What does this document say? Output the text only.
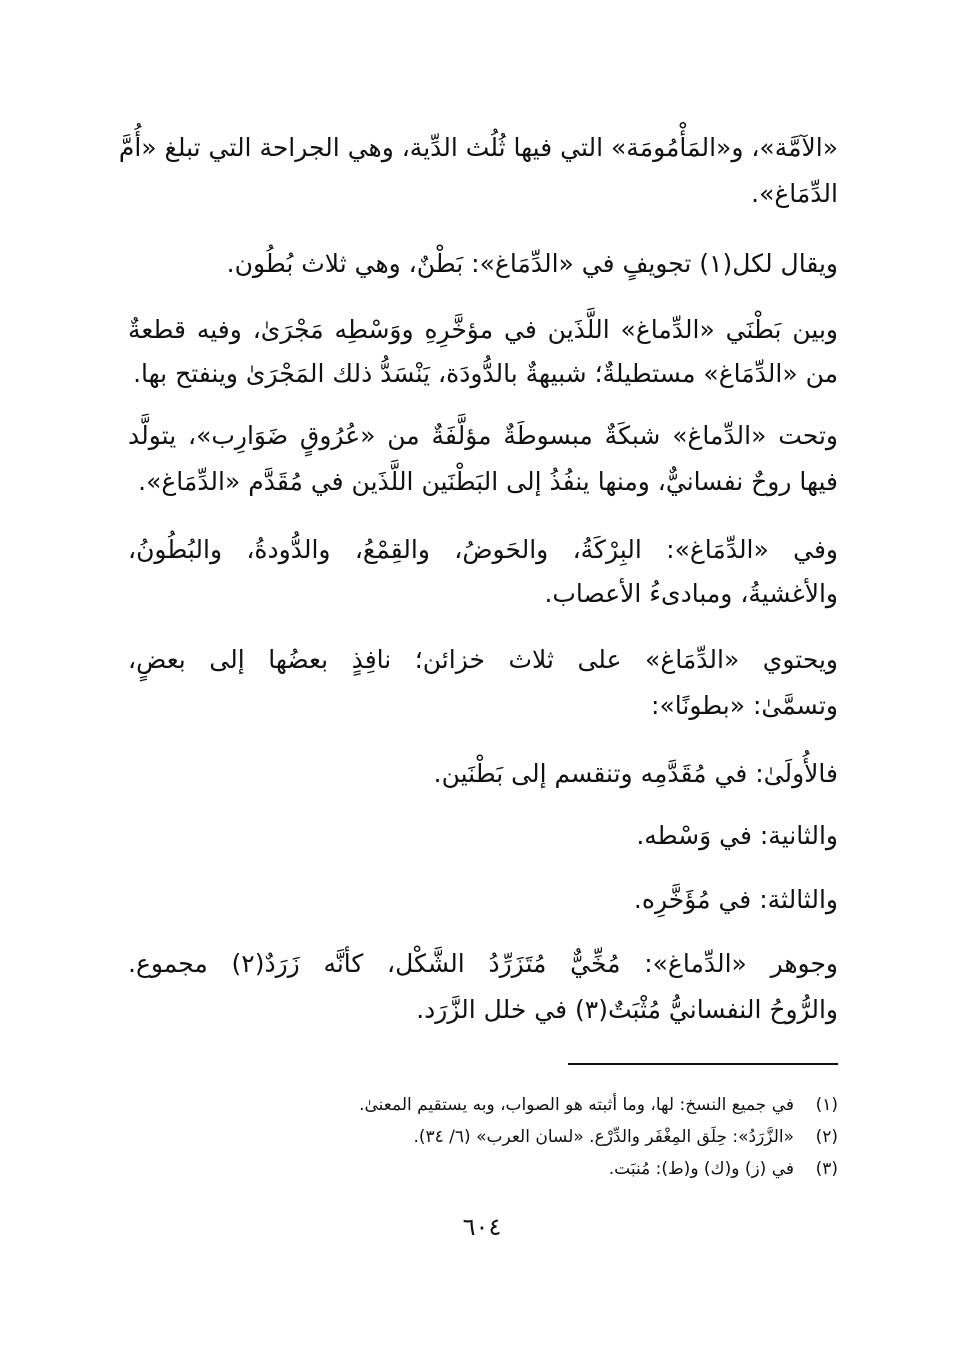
«الآمَّة»، و«المَأْمُومَة» التي فيها ثُلُث الدِّية، وهي الجراحة التي تبلغ «أُمَّ
الدِّمَاغ».
ويقال لكل(١) تجويفٍ في «الدِّمَاغ»: بَطْنٌ، وهي ثلاث بُطُون.
وبين بَطْنَي «الدِّماغ» اللَّذَين في مؤخَّرِهِ ووَسْطِه مَجْرَىٰ، وفيه قطعةٌ
من «الدِّمَاغ» مستطيلةٌ؛ شبيهةٌ بالدُّودَة، يَنْسَدُّ ذلك المَجْرَىٰ وينفتح بها.
وتحت «الدِّماغ» شبكَةٌ مبسوطَةٌ مؤلَّفَةٌ من «عُرُوقٍ ضَوَارِب»، يتولَّد
فيها روحٌ نفسانيٌّ، ومنها ينفُذُ إلى البَطْنَين اللَّذَين في مُقَدَّم «الدِّمَاغ».
وفي «الدِّمَاغ»: البِرْكَةُ، والحَوضُ، والقِمْعُ، والدُّودةُ، والبُطُونُ،
والأغشيةُ، ومبادىءُ الأعصاب.
ويحتوي «الدِّمَاغ» على ثلاث خزائن؛ نافِذٍ بعضُها إلى بعضٍ،
وتسمَّىٰ: «بطونًا»:
فالأُولَىٰ: في مُقَدَّمِه وتنقسم إلى بَطْنَين.
والثانية: في وَسْطه.
والثالثة: في مُؤَخَّرِه.
وجوهر «الدِّماغ»: مُخِّيٌّ مُتَزَرِّدُ الشَّكْل، كأنَّه زَرَدٌ(٢) مجموع.
والرُّوحُ النفسانيُّ مُثْبَتٌ(٣) في خلل الزَّرَد.
(١)في جميع النسخ: لها، وما أثبته هو الصواب، وبه يستقيم المعنىٰ.
(٢)«الزَّرَدُ»: حِلَق المِغْفَر والدِّرْع. «لسان العرب» (٦/ ٣٤).
(٣)في (ز) و(ك) و(ط): مُنبَت.
٦٠٤
